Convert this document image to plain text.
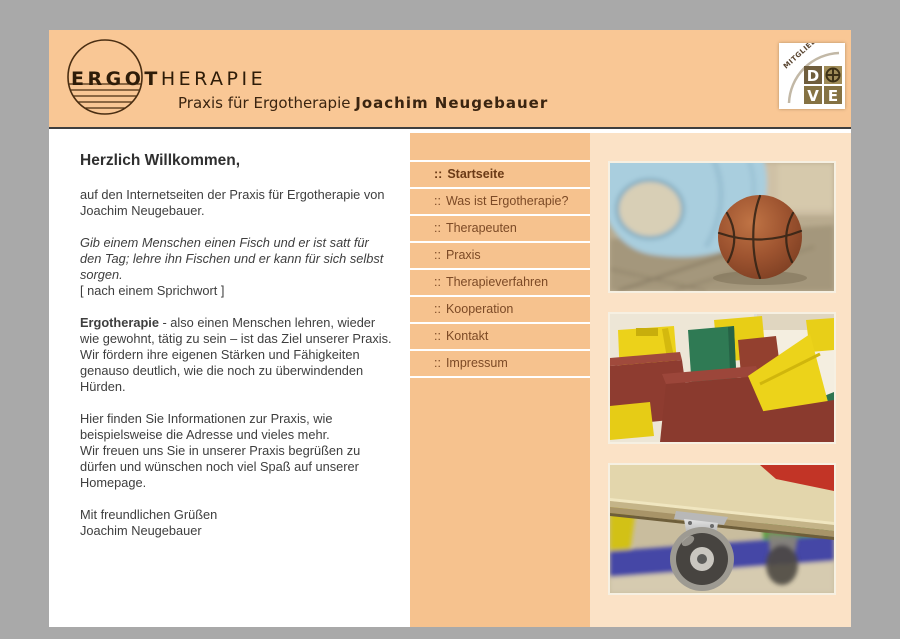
ERGOTHERAPIE
Praxis für Ergotherapie Joachim Neugebauer
D
V E
Herzlich Willkommen,

auf den Internetseiten der Praxis für Ergotherapie von Joachim Neugebauer.

Gib einem Menschen einen Fisch und er ist satt für den Tag; lehre ihn Fischen und er kann für sich selbst sorgen.
[ nach einem Sprichwort ]

Ergotherapie - also einen Menschen lehren, wieder wie gewohnt, tätig zu sein – ist das Ziel unserer Praxis. Wir fördern ihre eigenen Stärken und Fähigkeiten genauso deutlich, wie die noch zu überwindenden Hürden.

Hier finden Sie Informationen zur Praxis, wie beispielsweise die Adresse und vieles mehr.
Wir freuen uns Sie in unserer Praxis begrüßen zu dürfen und wünschen noch viel Spaß auf unserer Homepage.

Mit freundlichen Grüßen
Joachim Neugebauer

:: Startseite
:: Was ist Ergotherapie?
:: Therapeuten
:: Praxis
:: Therapieverfahren
:: Kooperation
:: Kontakt
:: Impressum
